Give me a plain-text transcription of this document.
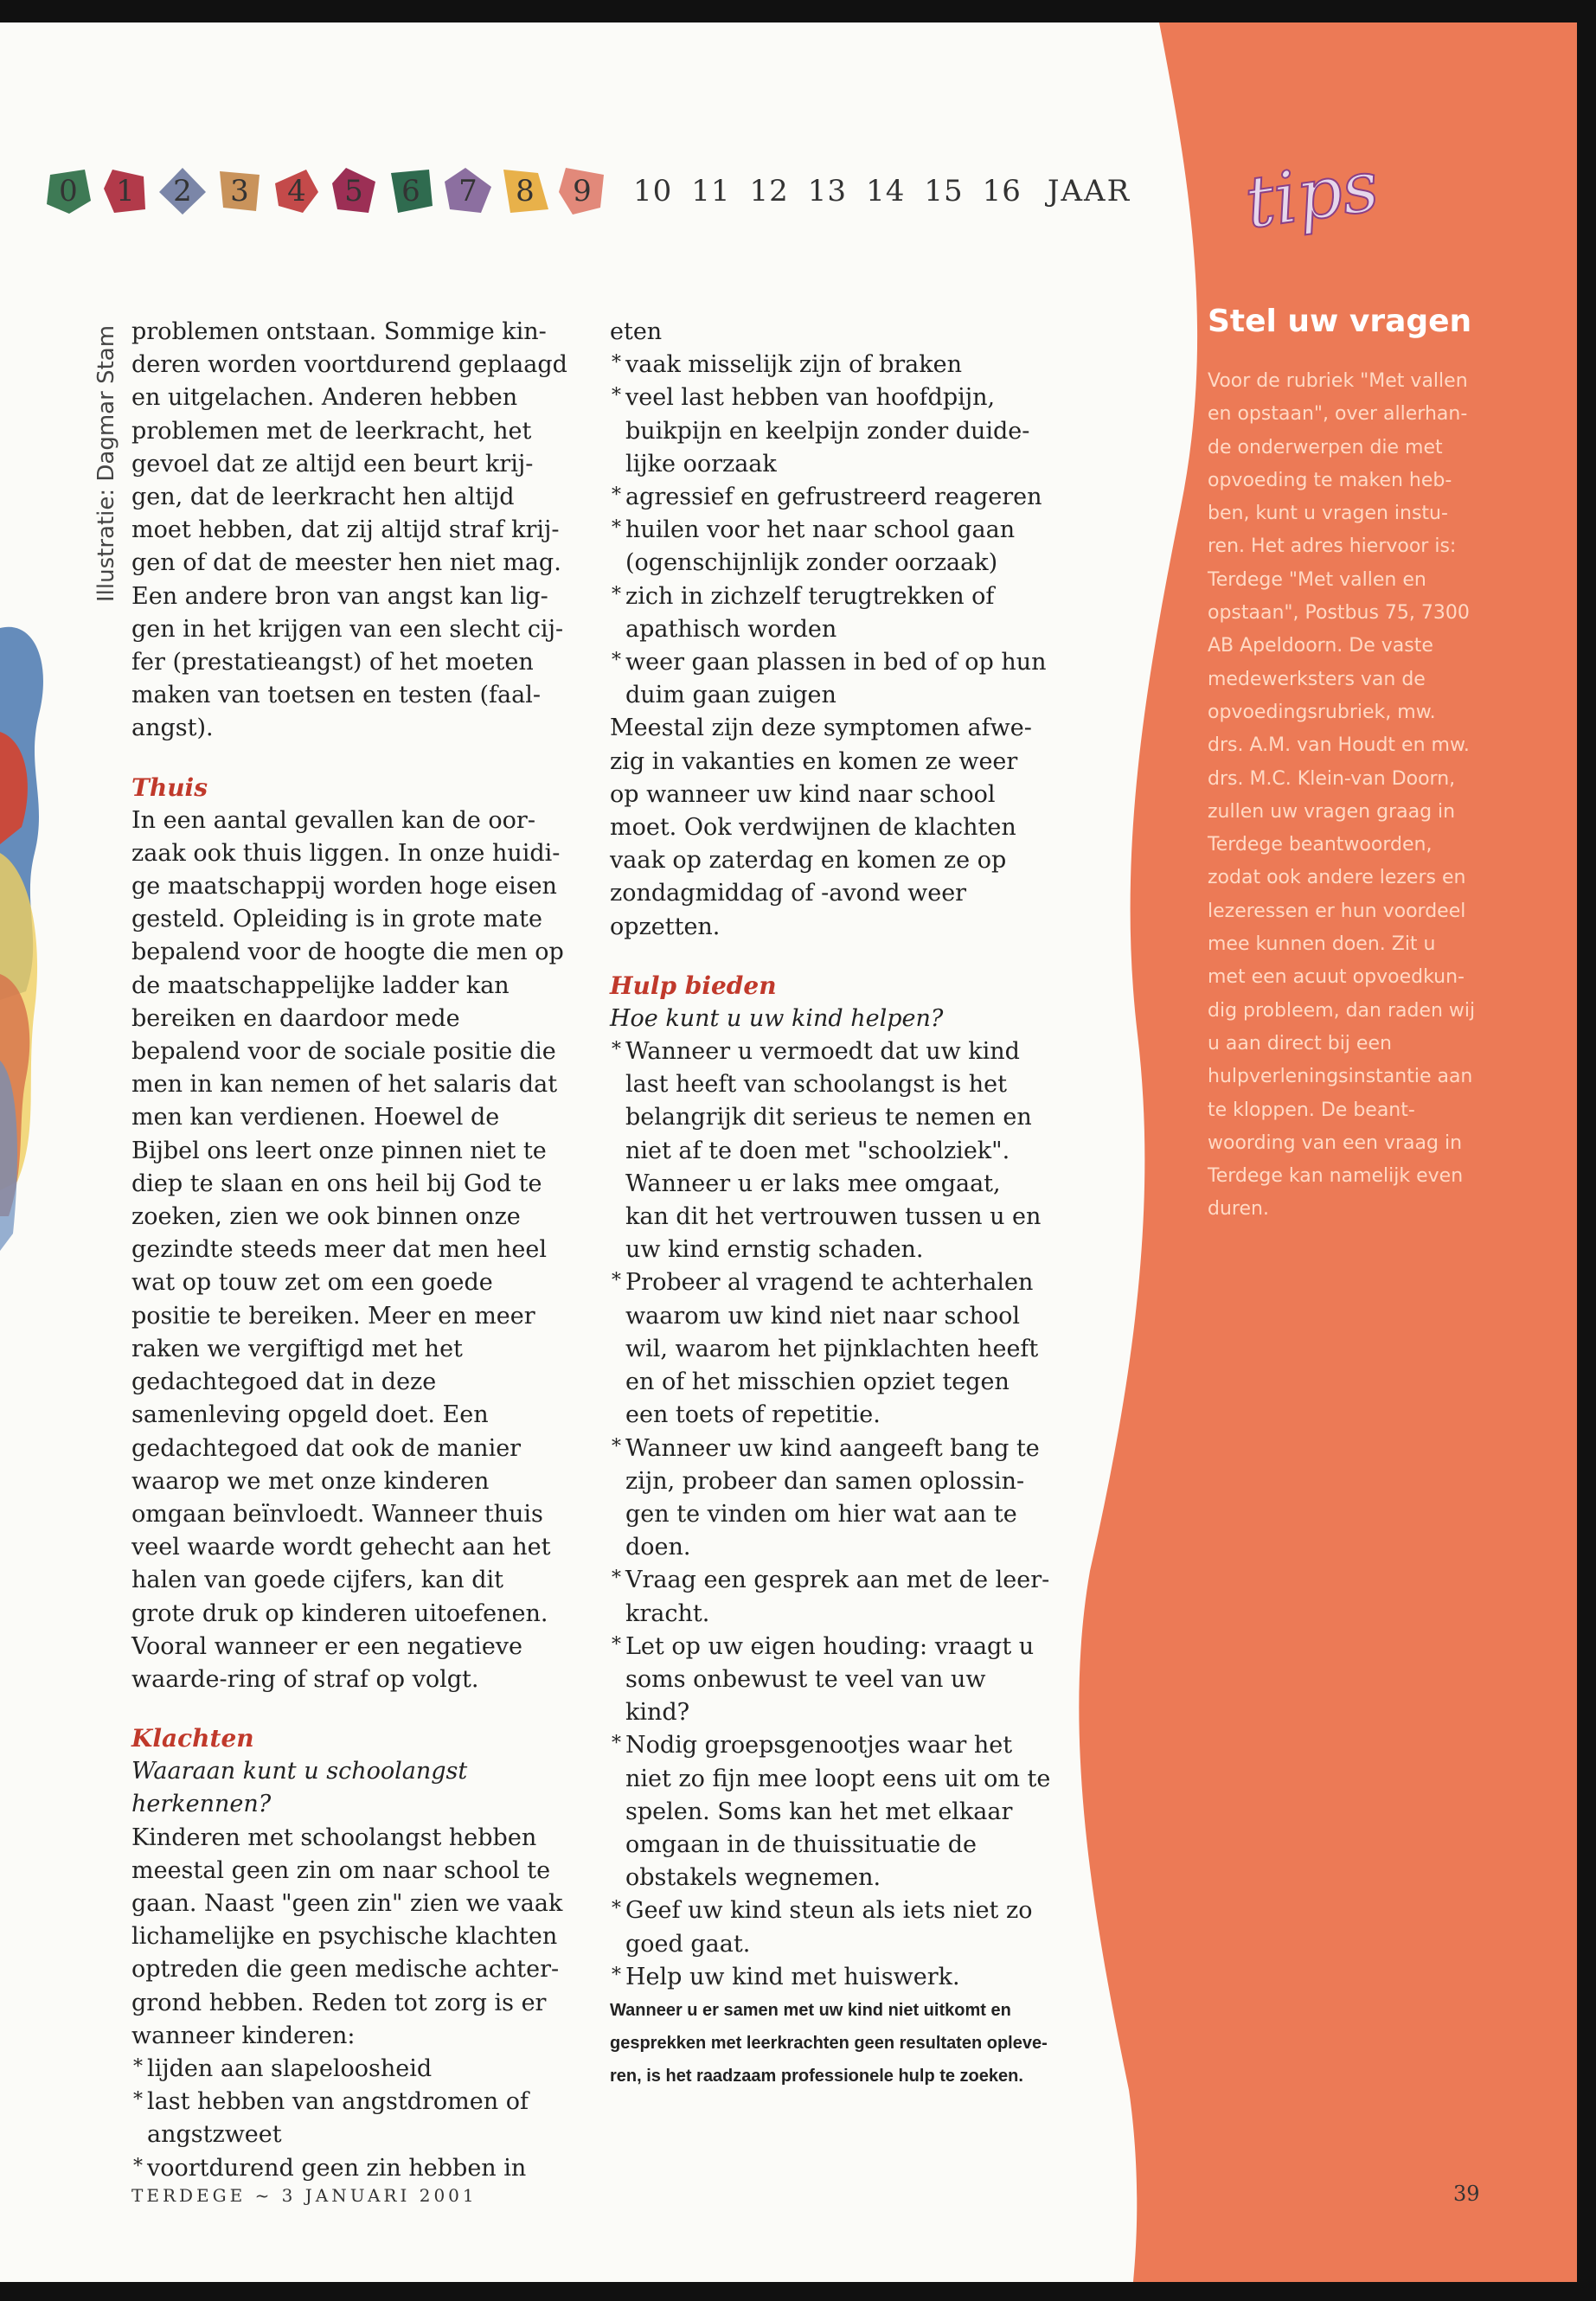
0 1 2 3 4 5 6 7 8 9 10 11 12 13 14 15 16 JAAR tips
Illustratie: Dagmar Stam problemen ontstaan. Sommige kin-deren worden voortdurend geplaagd en uitgelachen. Anderen hebben problemen met de leerkracht, het gevoel dat ze altijd een beurt krij-gen, dat de leerkracht hen altijd moet hebben, dat zij altijd straf krij-gen of dat de meester hen niet mag. Een andere bron van angst kan lig-gen in het krijgen van een slecht cij-fer (prestatieangst) of het moeten maken van toetsen en testen (faal-angst).

Thuis

In een aantal gevallen kan de oor-zaak ook thuis liggen. In onze huidi-ge maatschappij worden hoge eisen gesteld. Opleiding is in grote mate bepalend voor de hoogte die men op de maatschappelijke ladder kan bereiken en daardoor mede bepalend voor de sociale positie die men in kan nemen of het salaris dat men kan verdienen. Hoewel de Bijbel ons leert onze pinnen niet te diep te slaan en ons heil bij God te zoeken, zien we ook binnen onze gezindte steeds meer dat men heel wat op touw zet om een goede positie te bereiken. Meer en meer raken we vergiftigd met het gedachtegoed dat in deze samenleving opgeld doet. Een gedachtegoed dat ook de manier waarop we met onze kinderen omgaan beïnvloedt. Wanneer thuis veel waarde wordt gehecht aan het halen van goede cijfers, kan dit grote druk op kinderen uitoefenen. Vooral wanneer er een negatieve waarde-ring of straf op volgt.

Klachten

Waaraan kunt u schoolangst herkennen?

Kinderen met schoolangst hebben meestal geen zin om naar school te gaan. Naast "geen zin" zien we vaak lichamelijke en psychische klachten optreden die geen medische achter-grond hebben. Reden tot zorg is er wanneer kinderen:

* lijden aan slapeloosheid
* last hebben van angstdromen of angstzweet
* voortdurend geen zin hebben in

eten

* vaak misselijk zijn of braken
* veel last hebben van hoofdpijn, buikpijn en keelpijn zonder duide-lijke oorzaak
* agressief en gefrustreerd reageren
* huilen voor het naar school gaan (ogenschijnlijk zonder oorzaak)
* zich in zichzelf terugtrekken of apathisch worden
* weer gaan plassen in bed of op hun duim gaan zuigen

Meestal zijn deze symptomen afwe-zig in vakanties en komen ze weer op wanneer uw kind naar school moet. Ook verdwijnen de klachten vaak op zaterdag en komen ze op zondagmiddag of -avond weer opzetten.

Hulp bieden

Hoe kunt u uw kind helpen?

* Wanneer u vermoedt dat uw kind last heeft van schoolangst is het belangrijk dit serieus te nemen en niet af te doen met "schoolziek". Wanneer u er laks mee omgaat, kan dit het vertrouwen tussen u en uw kind ernstig schaden.
* Probeer al vragend te achterhalen waarom uw kind niet naar school wil, waarom het pijnklachten heeft en of het misschien opziet tegen een toets of repetitie.
* Wanneer uw kind aangeeft bang te zijn, probeer dan samen oplossin-gen te vinden om hier wat aan te doen.
* Vraag een gesprek aan met de leer-kracht.
* Let op uw eigen houding: vraagt u soms onbewust te veel van uw kind?
* Nodig groepsgenootjes waar het niet zo fijn mee loopt eens uit om te spelen. Soms kan het met elkaar omgaan in de thuissituatie de obstakels wegnemen.
* Geef uw kind steun als iets niet zo goed gaat.
* Help uw kind met huiswerk.

Wanneer u er samen met uw kind niet uitkomt en gesprekken met leerkrachten geen resultaten opleve-ren, is het raadzaam professionele hulp te zoeken.

Stel uw vragen

Voor de rubriek "Met vallen en opstaan", over allerhan-de onderwerpen die met opvoeding te maken heb-ben, kunt u vragen instu-ren. Het adres hiervoor is: Terdege "Met vallen en opstaan", Postbus 75, 7300 AB Apeldoorn. De vaste medewerksters van de opvoedingsrubriek, mw. drs. A.M. van Houdt en mw. drs. M.C. Klein-van Doorn, zullen uw vragen graag in Terdege beantwoorden, zodat ook andere lezers en lezeressen er hun voordeel mee kunnen doen. Zit u met een acuut opvoedkun-dig probleem, dan raden wij u aan direct bij een hulpverleningsinstantie aan te kloppen. De beant-woording van een vraag in Terdege kan namelijk even duren.

TERDEGE ~ 3 JANUARI 2001	39
